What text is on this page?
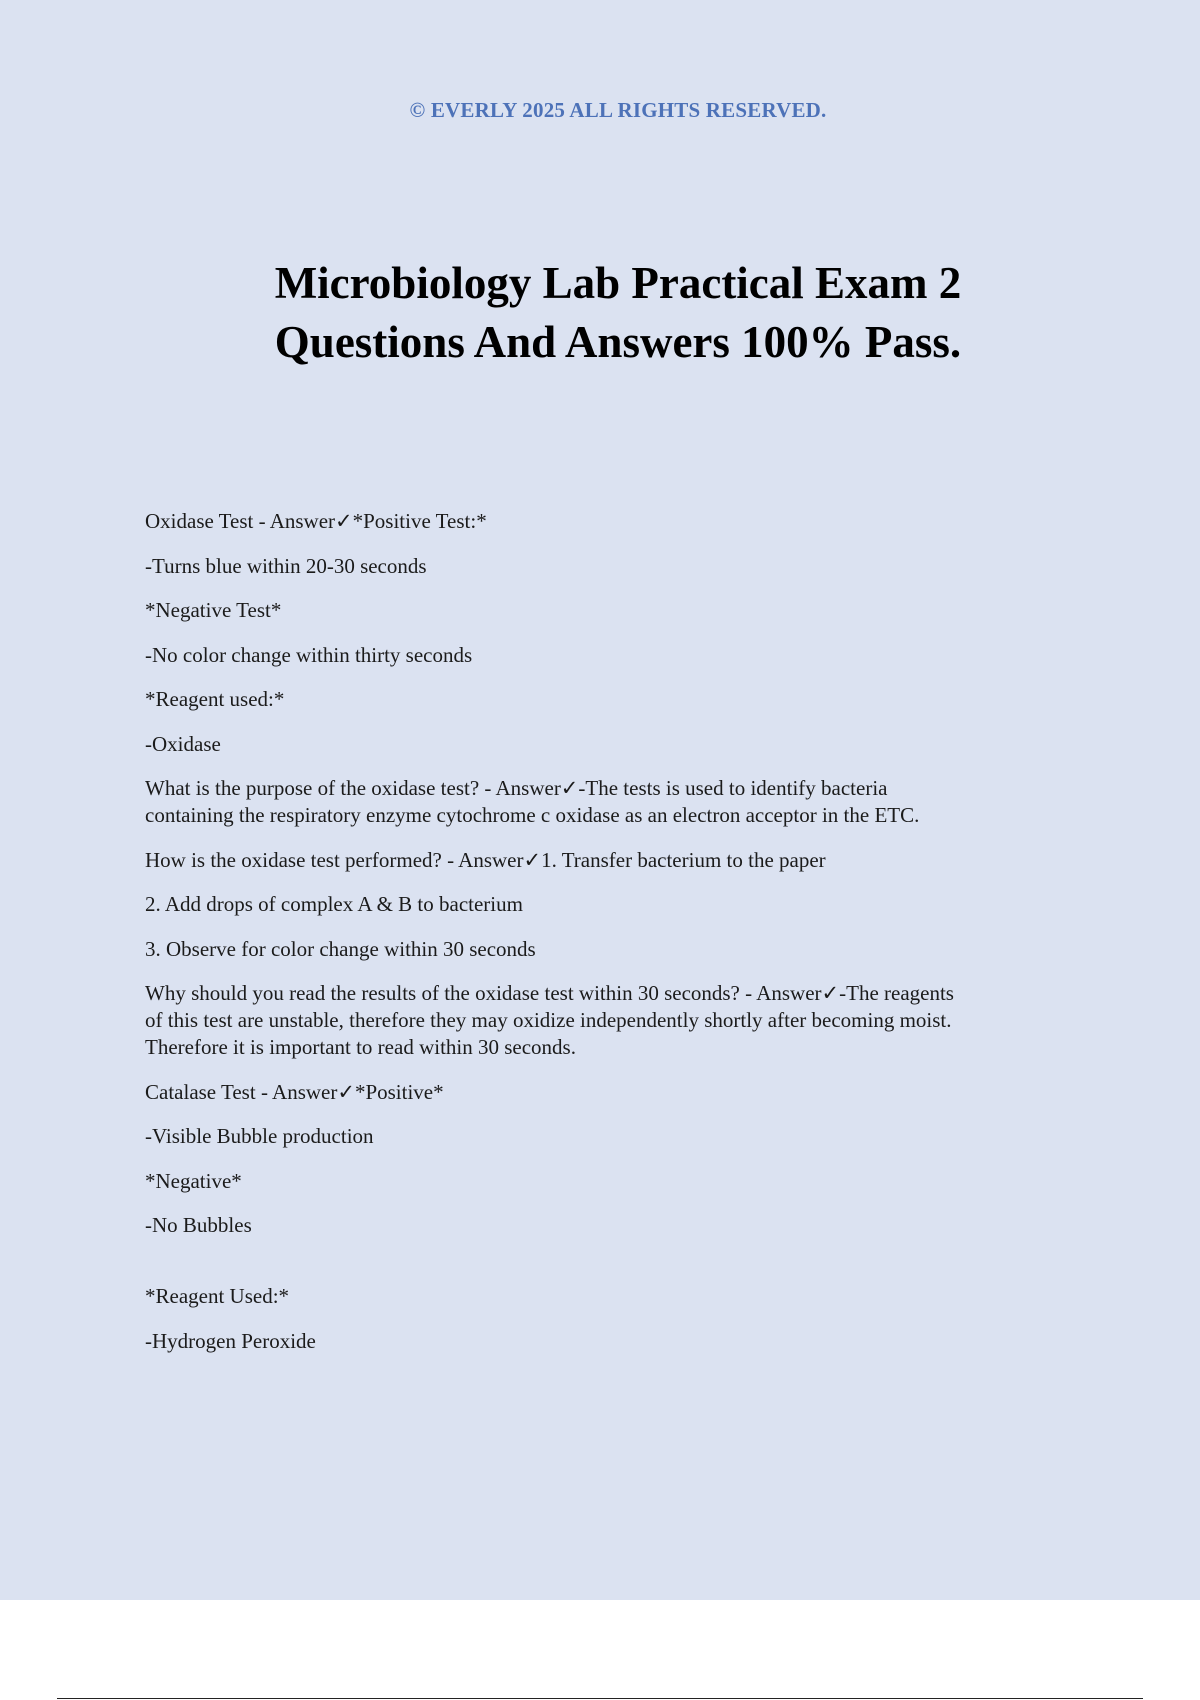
© EVERLY 2025 ALL RIGHTS RESERVED.
Microbiology Lab Practical Exam 2
Questions And Answers 100% Pass.

Oxidase Test - Answer✓*Positive Test:*

-Turns blue within 20-30 seconds

*Negative Test*

-No color change within thirty seconds

*Reagent used:*

-Oxidase

What is the purpose of the oxidase test? - Answer✓-The tests is used to identify bacteria

containing the respiratory enzyme cytochrome c oxidase as an electron acceptor in the ETC.

How is the oxidase test performed? - Answer✓1. Transfer bacterium to the paper

2. Add drops of complex A & B to bacterium

3. Observe for color change within 30 seconds

Why should you read the results of the oxidase test within 30 seconds? - Answer✓-The reagents

of this test are unstable, therefore they may oxidize independently shortly after becoming moist.

Therefore it is important to read within 30 seconds.

Catalase Test - Answer✓*Positive*

-Visible Bubble production

*Negative*

-No Bubbles

*Reagent Used:*

-Hydrogen Peroxide
